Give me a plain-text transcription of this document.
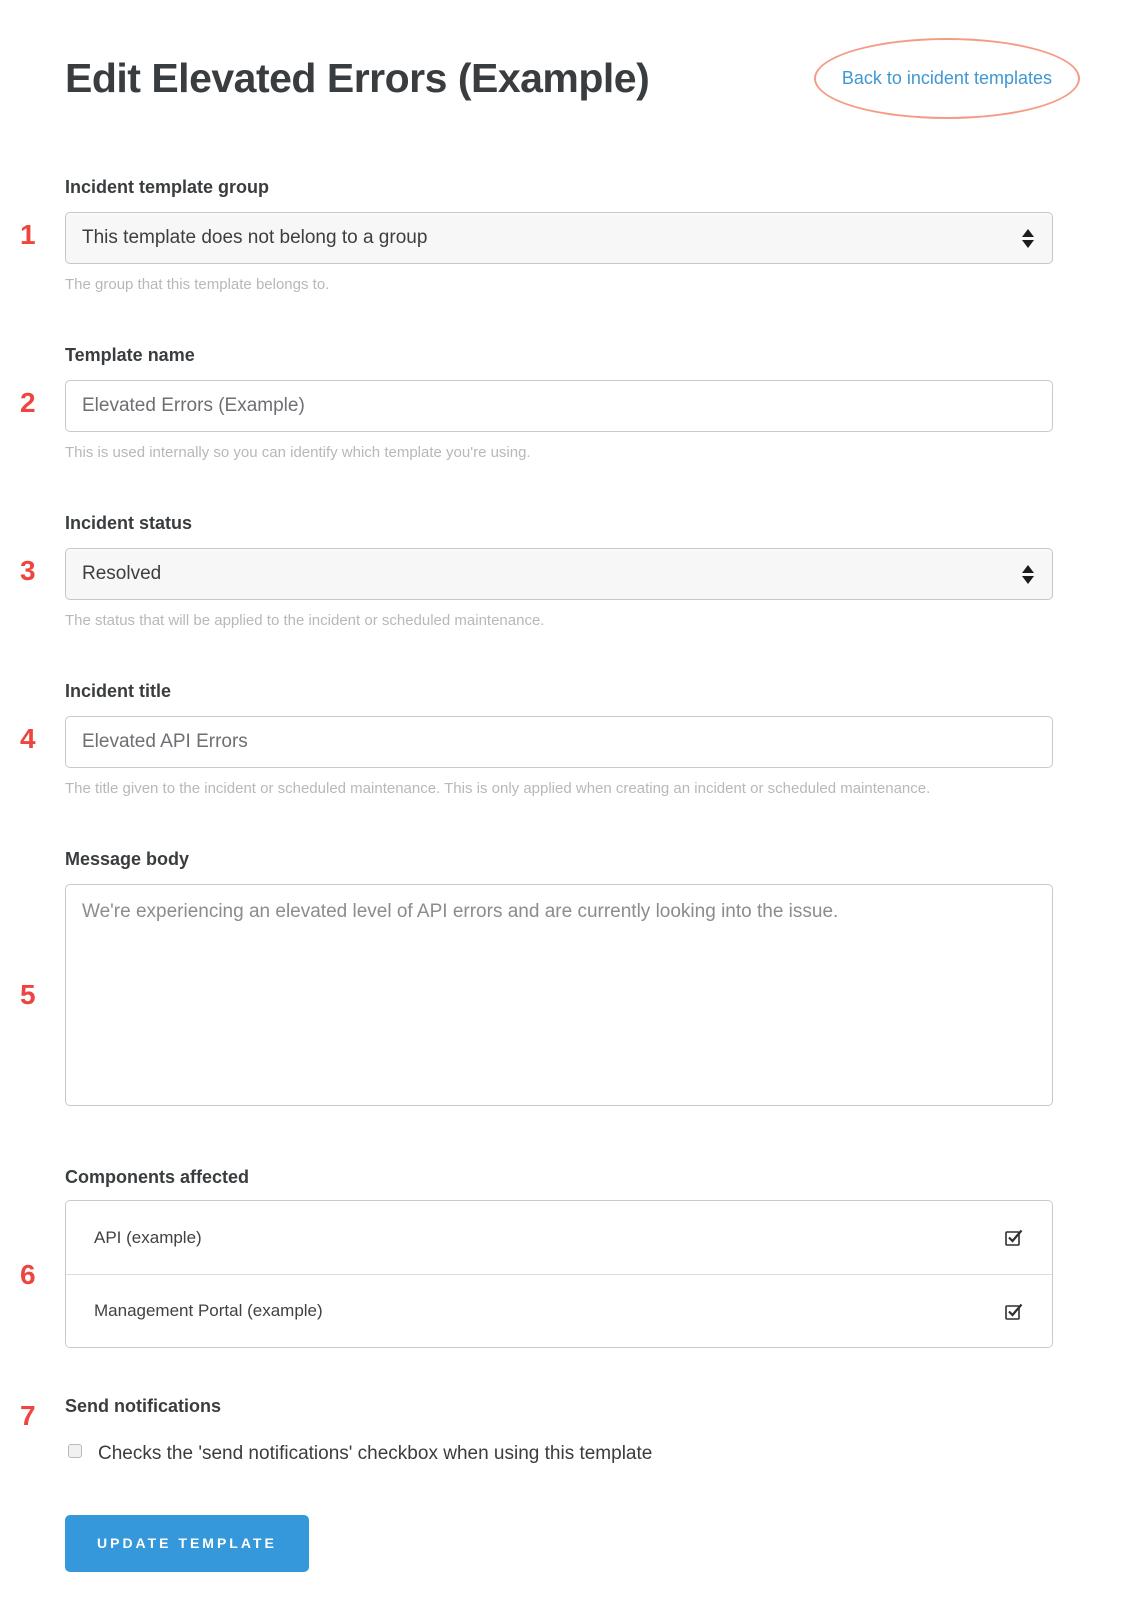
Edit Elevated Errors (Example)	Back to incident templates
1
Incident template group
This template does not belong to a group
The group that this template belongs to.
2
Template name
Elevated Errors (Example)
This is used internally so you can identify which template you're using.
3
Incident status
Resolved
The status that will be applied to the incident or scheduled maintenance.
4
Incident title
Elevated API Errors
The title given to the incident or scheduled maintenance. This is only applied when creating an incident or scheduled maintenance.
5
Message body
We're experiencing an elevated level of API errors and are currently looking into the issue.
6
Components affected
API (example)
Management Portal (example)
7 Send notifications
Checks the 'send notifications' checkbox when using this template
UPDATE TEMPLATE
